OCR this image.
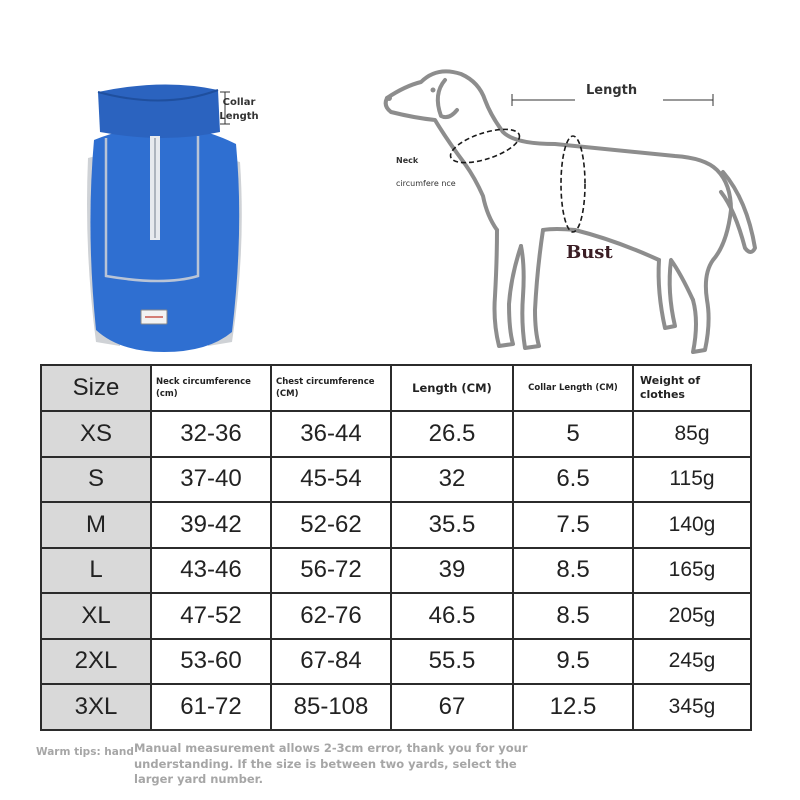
Collar
Length
Length
Neck
circumfere nce
Bust
Size	Neck circumference (cm)	Chest circumference (CM)	Length (CM)	Collar Length (CM)	Weight of clothes
XS	32-36	36-44	26.5	5	85g
S	37-40	45-54	32	6.5	115g
M	39-42	52-62	35.5	7.5	140g
L	43-46	56-72	39	8.5	165g
XL	47-52	62-76	46.5	8.5	205g
2XL	53-60	67-84	55.5	9.5	245g
3XL	61-72	85-108	67	12.5	345g
Warm tips: hand Manual measurement allows 2-3cm error, thank you for your understanding. If the size is between two yards, select the larger yard number.
